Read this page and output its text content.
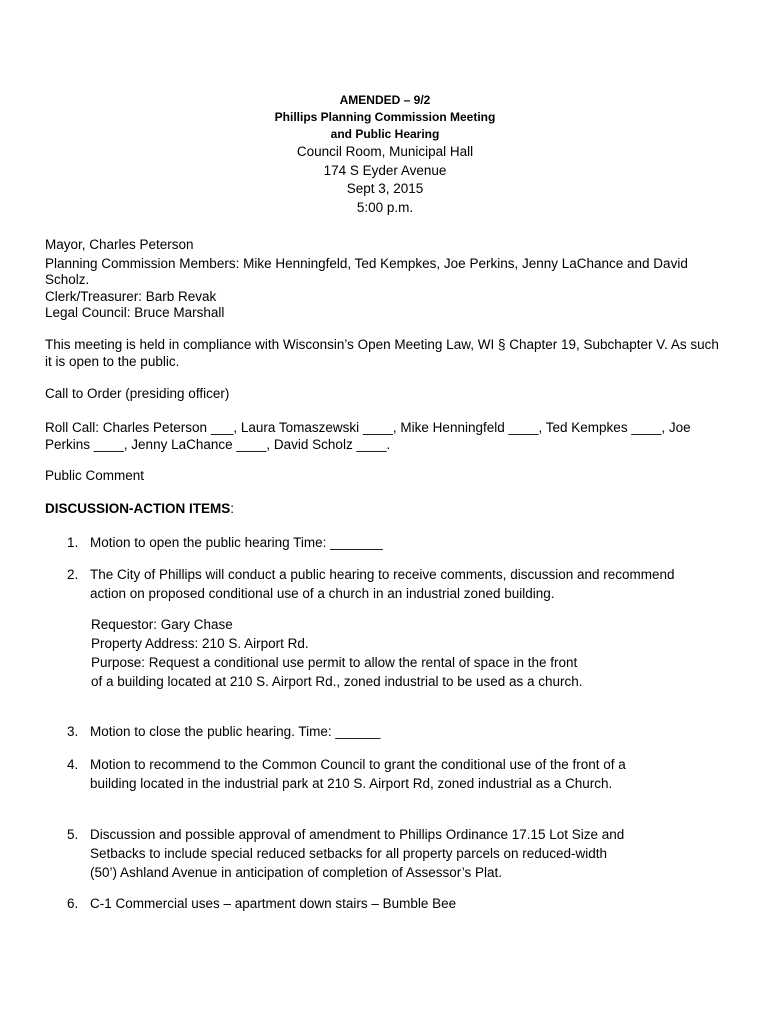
AMENDED – 9/2
Phillips Planning Commission Meeting
and Public Hearing
Council Room, Municipal Hall
174 S Eyder Avenue
Sept 3, 2015
5:00 p.m.

Mayor, Charles Peterson

Planning Commission Members: Mike Henningfeld, Ted Kempkes, Joe Perkins, Jenny LaChance and David Scholz.

Clerk/Treasurer: Barb Revak

Legal Council: Bruce Marshall

This meeting is held in compliance with Wisconsin’s Open Meeting Law, WI § Chapter 19, Subchapter V. As such it is open to the public.
Call to Order (presiding officer)
Roll Call: Charles Peterson ___, Laura Tomaszewski ____, Mike Henningfeld ____, Ted Kempkes ____, Joe Perkins ____, Jenny LaChance ____, David Scholz ____.
Public Comment
DISCUSSION-ACTION ITEMS:
1. Motion to open the public hearing Time: _______
2. The City of Phillips will conduct a public hearing to receive comments, discussion and recommend action on proposed conditional use of a church in an industrial zoned building.
3. Motion to close the public hearing. Time: ______
4. Motion to recommend to the Common Council to grant the conditional use of the front of a building located in the industrial park at 210 S. Airport Rd, zoned industrial as a Church.
5. Discussion and possible approval of amendment to Phillips Ordinance 17.15 Lot Size and Setbacks to include special reduced setbacks for all property parcels on reduced-width (50’) Ashland Avenue in anticipation of completion of Assessor’s Plat.
6. C-1 Commercial uses – apartment down stairs – Bumble Bee
Requestor: Gary Chase
Property Address: 210 S. Airport Rd.
Purpose: Request a conditional use permit to allow the rental of space in the front of a building located at 210 S. Airport Rd., zoned industrial to be used as a church.
